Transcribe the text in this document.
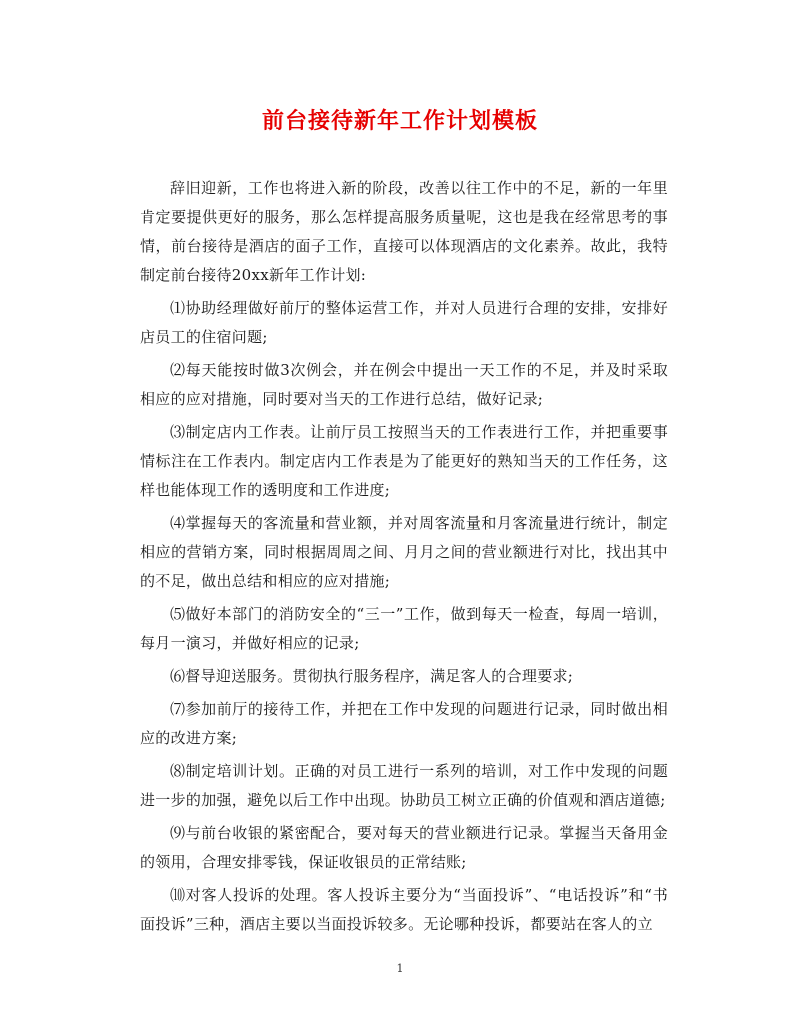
前台接待新年工作计划模板

辞旧迎新，工作也将进入新的阶段，改善以往工作中的不足，新的一年里肯定要提供更好的服务，那么怎样提高服务质量呢，这也是我在经常思考的事情，前台接待是酒店的面子工作，直接可以体现酒店的文化素养。故此，我特制定前台接待20xx新年工作计划:

⑴协助经理做好前厅的整体运营工作，并对人员进行合理的安排，安排好店员工的住宿问题;

⑵每天能按时做3次例会，并在例会中提出一天工作的不足，并及时采取相应的应对措施，同时要对当天的工作进行总结，做好记录;

⑶制定店内工作表。让前厅员工按照当天的工作表进行工作，并把重要事情标注在工作表内。制定店内工作表是为了能更好的熟知当天的工作任务，这样也能体现工作的透明度和工作进度;

⑷掌握每天的客流量和营业额，并对周客流量和月客流量进行统计，制定相应的营销方案，同时根据周周之间、月月之间的营业额进行对比，找出其中的不足，做出总结和相应的应对措施;

⑸做好本部门的消防安全的“三一”工作，做到每天一检查，每周一培训，每月一演习，并做好相应的记录;

⑹督导迎送服务。贯彻执行服务程序，满足客人的合理要求;

⑺参加前厅的接待工作，并把在工作中发现的问题进行记录，同时做出相应的改进方案;

⑻制定培训计划。正确的对员工进行一系列的培训，对工作中发现的问题进一步的加强，避免以后工作中出现。协助员工树立正确的价值观和酒店道德;

⑼与前台收银的紧密配合，要对每天的营业额进行记录。掌握当天备用金的领用，合理安排零钱，保证收银员的正常结账;

⑽对客人投诉的处理。客人投诉主要分为“当面投诉”、“电话投诉”和“书面投诉”三种，酒店主要以当面投诉较多。无论哪种投诉，都要站在客人的立

1
